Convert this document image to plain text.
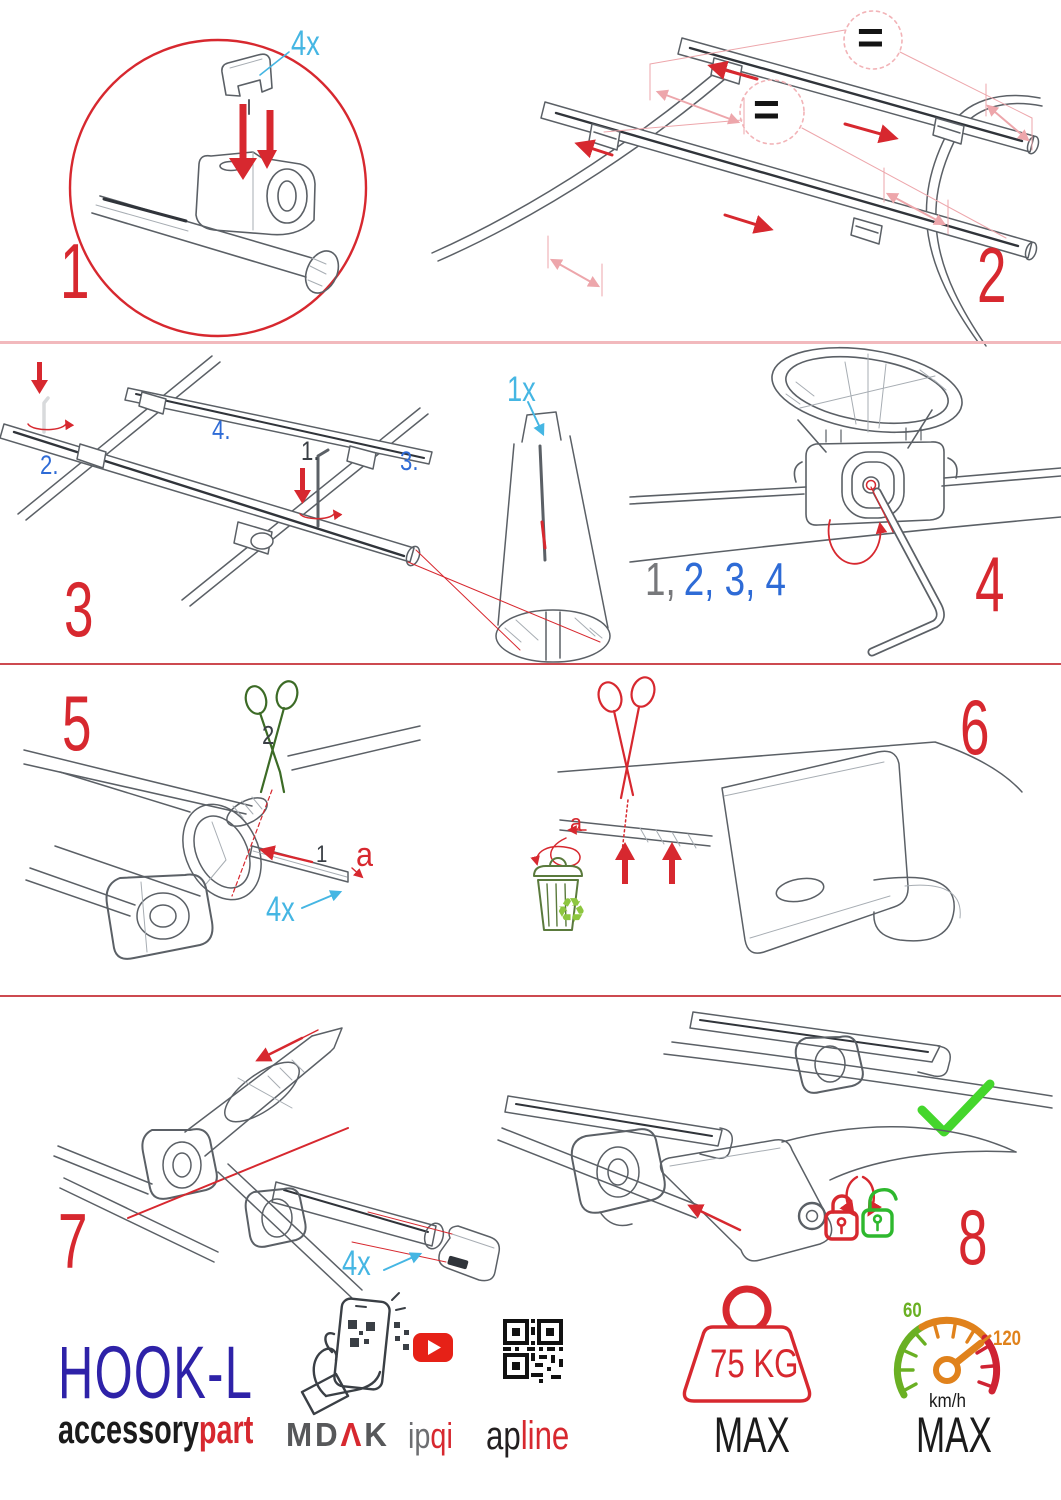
4x
1
=
=
2
2.
4.
1.	3.
1x
3	1, 2, 3, 4 4
5	2
1 a
4x
a
♻
6
4x
7	8
HOOK-L
accessorypart MDΛK ipqi apline
75 KG
MAX
60
120
km/h
MAX
